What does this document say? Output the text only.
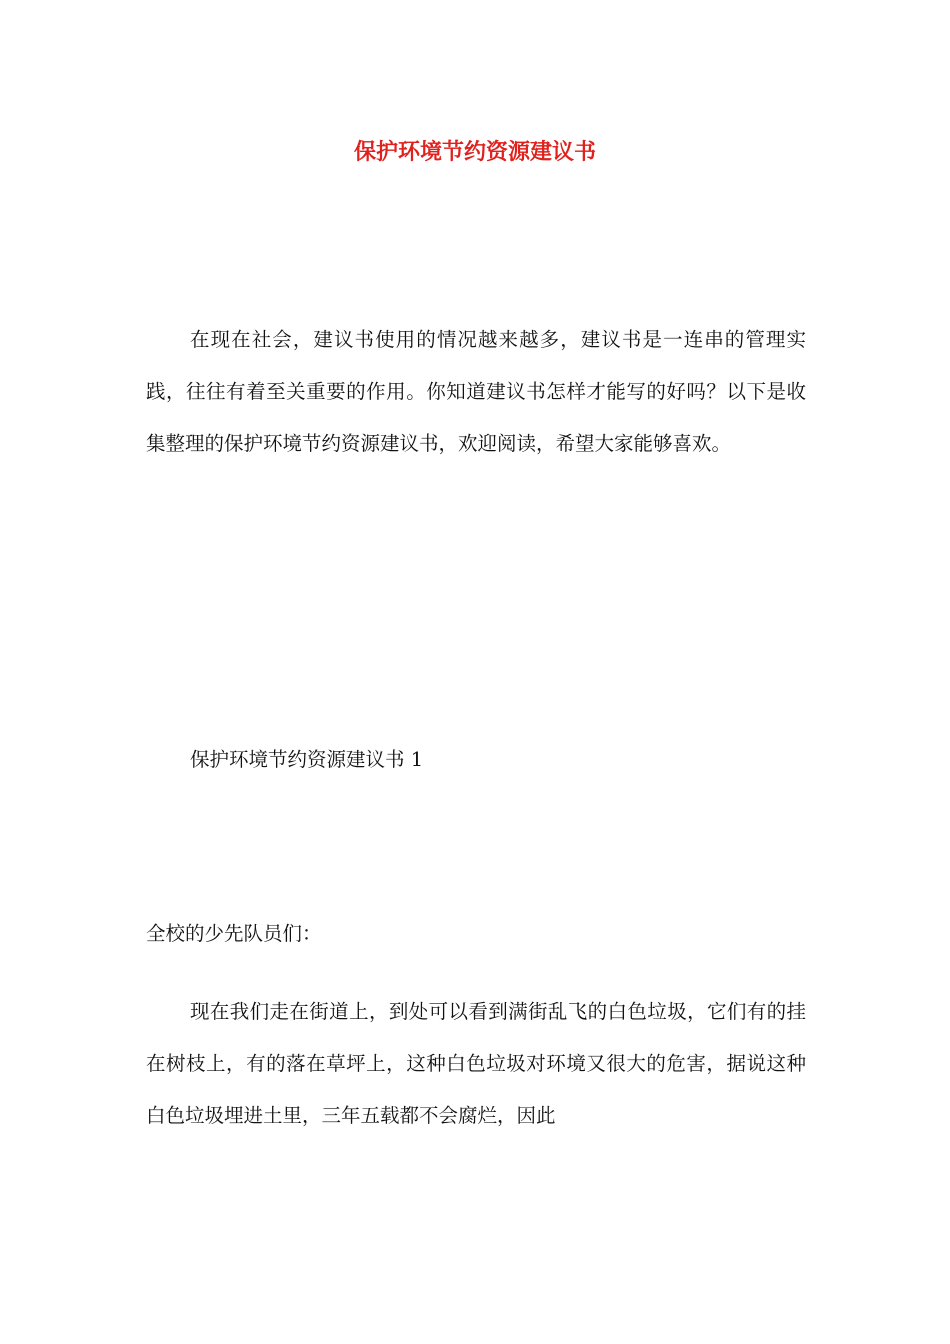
保护环境节约资源建议书

在现在社会，建议书使用的情况越来越多，建议书是一连串的管理实践，往往有着至关重要的作用。你知道建议书怎样才能写的好吗？以下是收集整理的保护环境节约资源建议书，欢迎阅读，希望大家能够喜欢。

保护环境节约资源建议书 1

全校的少先队员们：

现在我们走在街道上，到处可以看到满街乱飞的白色垃圾，它们有的挂在树枝上，有的落在草坪上，这种白色垃圾对环境又很大的危害，据说这种白色垃圾埋进土里，三年五载都不会腐烂，因此
